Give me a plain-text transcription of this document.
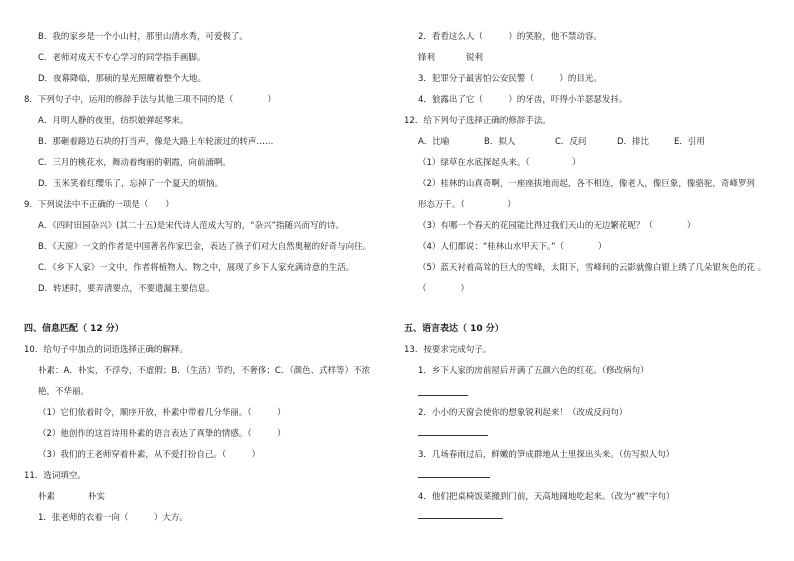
B．我的家乡是一个小山村，那里山清水秀，可爱极了。
C．老师对成天不专心学习的同学指手画脚。
D．夜幕降临，那硕的星光照耀着整个大地。
8．下列句子中，运用的修辞手法与其他三项不同的是（　　　　）
A．月明人静的夜里，纺织娘弹起琴来。
B．那砸着路边石块的打当声，像是大路上车轮滚过的转声……
C．三月的桃花水，舞动着绚丽的朝霞，向前涌啊。
D．玉米笑着红缨乐了，忘掉了一个夏天的烦恼。
9．下列说法中不正确的一项是（　　）
A．《四时田园杂兴》(其二十五)是宋代诗人范成大写的，“杂兴”指随兴而写的诗。
B．《天窗》一文的作者是中国著名作家巴金，表达了孩子们对大自然奥秘的好奇与向往。
C．《乡下人家》一文中，作者将植物人、物之中，展现了乡下人家充满诗意的生活。
D．转述时，要弄清要点，不要遗漏主要信息。
四、信息匹配（ 12 分）
10．给句子中加点的词语选择正确的解释。
朴素：A．朴实，不浮夸，不虚假；B．（生活）节约，不奢侈；C．（颜色、式样等）不浓
艳，不华丽。
（1）它们依着时令，顺序开放，朴素中带着几分华丽。（　　　）
（2）他创作的这首诗用朴素的语言表达了真挚的情感。（　　　）
（3）我们的王老师穿着朴素，从不爱打扮自己。（　　　）
11．选词填空。
朴素	朴实
1．张老师的衣着一向（　　　）大方。
2．看看这么人（　　　）的笑脸，他不禁动容。
锋利	锐利
3．犯罪分子最害怕公安民警（　　　）的目光。
4．狼露出了它（　　　）的牙齿，吓得小羊瑟瑟发抖。
12．给下列句子选择正确的修辞手法。
A．比喻	B．拟人	C．反问	D．排比	E．引用
（1）绿草在水底探起头来。（　　　　　）
（2）桂林的山真奇啊，一座座拔地而起，各不相连，像老人，像巨象，像骆驼，奇峰罗列
形态万千。（　　　　　）
（3）有哪一个春天的花园能比得过我们天山的无边繁花呢？（　　　　）
（4）人们都说：“桂林山水甲天下。”（　　　　）
（5）蓝天衬着高耸的巨大的雪峰，太阳下，雪峰间的云影就像白银上绣了几朵银灰色的花 。
（　　　　）
五、语言表达（ 10 分）
13．按要求完成句子。
1．乡下人家的房前屋后开满了五颜六色的红花。（修改病句）
2．小小的天窗会使你的想象锐利起来！（改成反问句）
3．几场春雨过后，鲜嫩的笋成群地从土里探出头来。（仿写拟人句）
4．他们把桌椅饭菜搬到门前，天高地阔地吃起来。（改为“被”字句）
